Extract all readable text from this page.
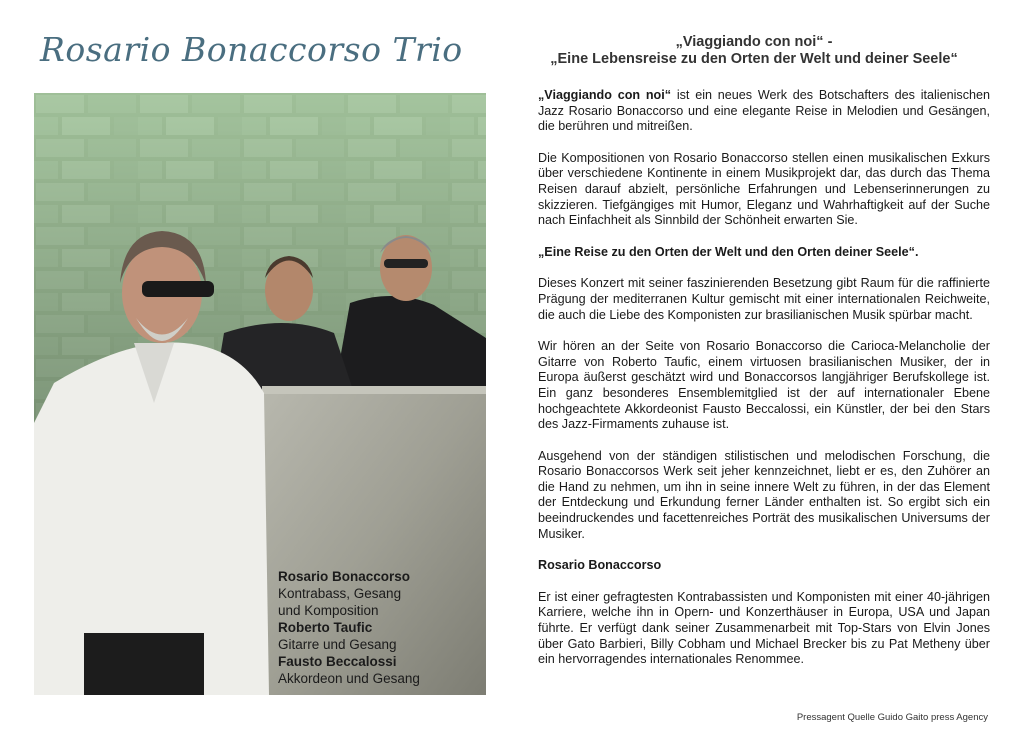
Rosario Bonaccorso Trio
Rosario Bonaccorso
Kontrabass, Gesang
und Komposition
Roberto Taufic
Gitarre und Gesang
Fausto Beccalossi
Akkordeon und Gesang
„Viaggiando con noi“ -
„Eine Lebensreise zu den Orten der Welt und deiner Seele“

„Viaggiando con noi“ ist ein neues Werk des Botschafters des italienischen Jazz Rosario Bonaccorso und eine elegante Reise in Melodien und Gesängen, die berühren und mitreißen.

Die Kompositionen von Rosario Bonaccorso stellen einen musikalischen Exkurs über verschiedene Kontinente in einem Musikprojekt dar, das durch das Thema Reisen darauf abzielt, persönliche Erfahrungen und Lebenserinnerungen zu skizzieren. Tiefgängiges mit Humor, Eleganz und Wahrhaftigkeit auf der Suche nach Einfachheit als Sinnbild der Schönheit erwarten Sie.

„Eine Reise zu den Orten der Welt und den Orten deiner Seele“.

Dieses Konzert mit seiner faszinierenden Besetzung gibt Raum für die raffinierte Prägung der mediterranen Kultur gemischt mit einer internationalen Reichweite, die auch die Liebe des Komponisten zur brasilianischen Musik spürbar macht.

Wir hören an der Seite von Rosario Bonaccorso die Carioca-Melancholie der Gitarre von Roberto Taufic, einem virtuosen brasilianischen Musiker, der in Europa äußerst geschätzt wird und Bonaccorsos langjähriger Berufskollege ist. Ein ganz besonderes Ensemblemitglied ist der auf internationaler Ebene hochgeachtete Akkordeonist Fausto Beccalossi, ein Künstler, der bei den Stars des Jazz-Firmaments zuhause ist.

Ausgehend von der ständigen stilistischen und melodischen Forschung, die Rosario Bonaccorsos Werk seit jeher kennzeichnet, liebt er es, den Zuhörer an die Hand zu nehmen, um ihn in seine innere Welt zu führen, in der das Element der Entdeckung und Erkundung ferner Länder enthalten ist. So ergibt sich ein beeindruckendes und facettenreiches Porträt des musikalischen Universums der Musiker.

Rosario Bonaccorso

Er ist einer gefragtesten Kontrabassisten und Komponisten mit einer 40-jährigen Karriere, welche ihn in Opern- und Konzerthäuser in Europa, USA und Japan führte. Er verfügt dank seiner Zusammenarbeit mit Top-Stars von Elvin Jones über Gato Barbieri, Billy Cobham und Michael Brecker bis zu Pat Metheny über ein hervorragendes internationales Renommee.

Pressagent Quelle Guido Gaito press Agency
